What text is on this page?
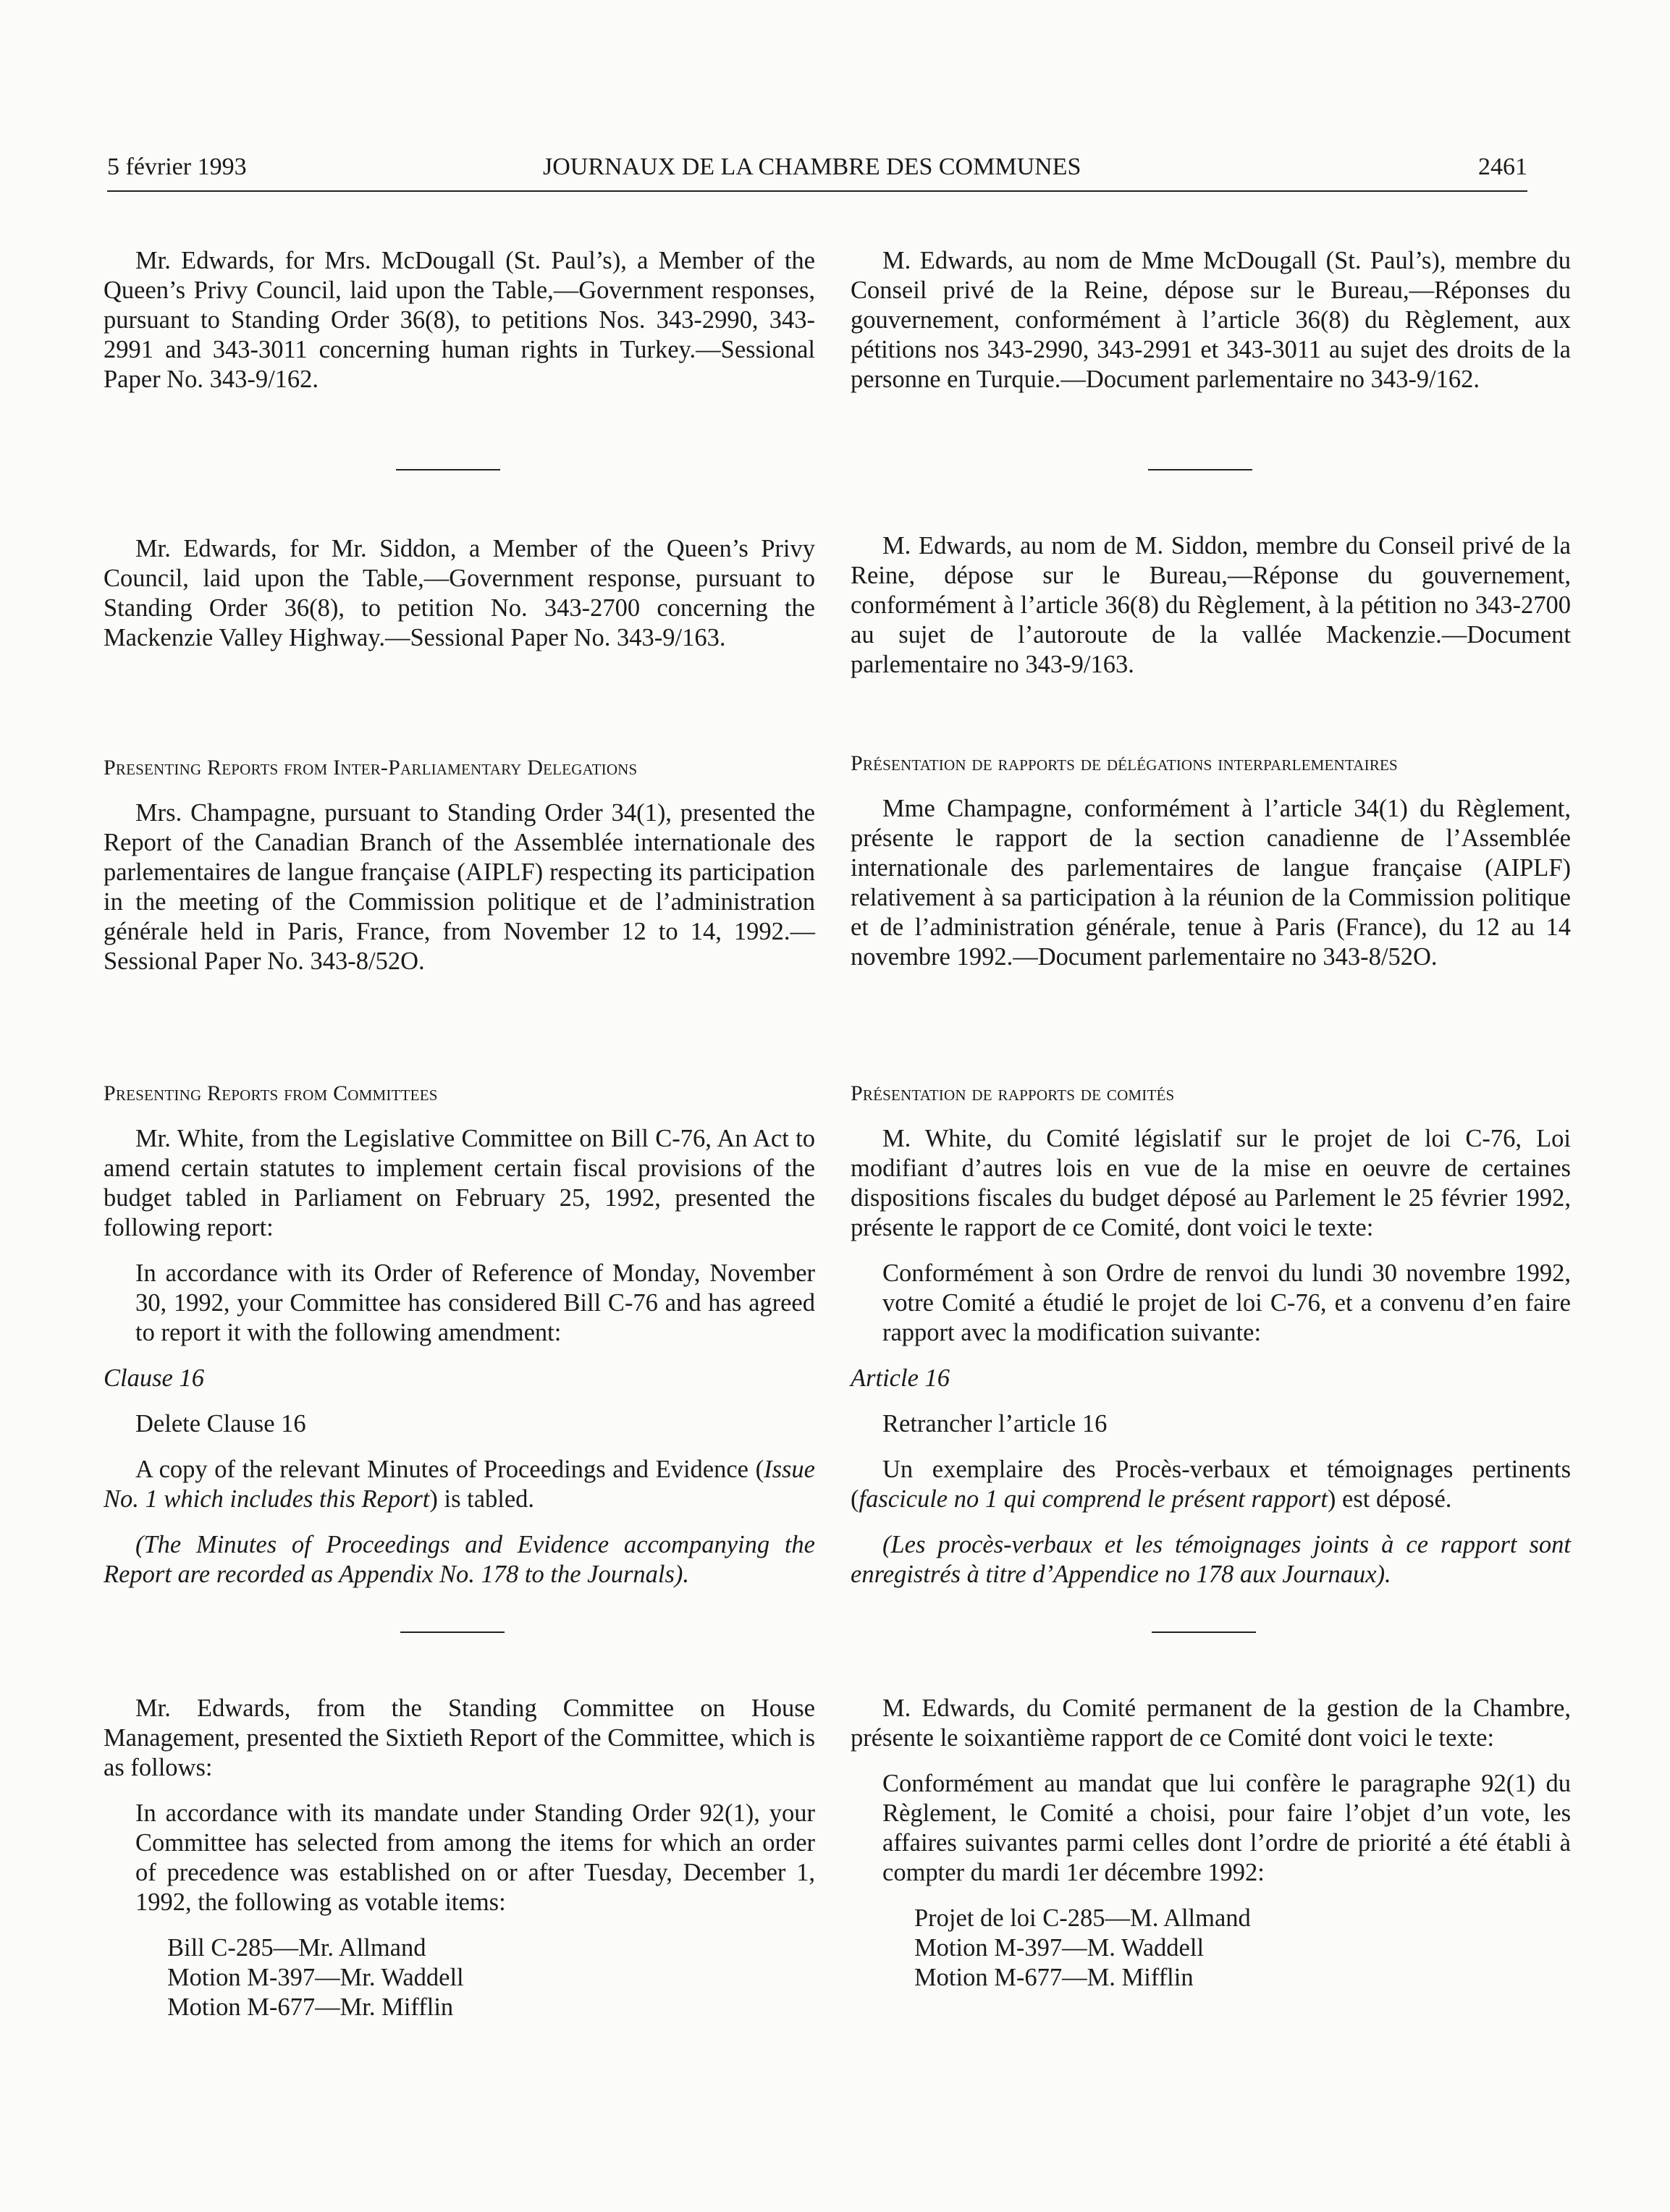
5 février 1993	JOURNAUX DE LA CHAMBRE DES COMMUNES	2461

Mr. Edwards, for Mrs. McDougall (St. Paul’s), a Member of the Queen’s Privy Council, laid upon the Table,—Government responses, pursuant to Standing Order 36(8), to petitions Nos. 343-2990, 343-2991 and 343-3011 concerning human rights in Turkey.—Sessional Paper No. 343-9/162.

Mr. Edwards, for Mr. Siddon, a Member of the Queen’s Privy Council, laid upon the Table,—Government response, pursuant to Standing Order 36(8), to petition No. 343-2700 concerning the Mackenzie Valley Highway.—Sessional Paper No. 343-9/163.

Presenting Reports from Inter-Parliamentary Delegations

Mrs. Champagne, pursuant to Standing Order 34(1), presented the Report of the Canadian Branch of the Assemblée internationale des parlementaires de langue française (AIPLF) respecting its participation in the meeting of the Commission politique et de l’administration générale held in Paris, France, from November 12 to 14, 1992.—Sessional Paper No. 343-8/52O.

Presenting Reports from Committees

Mr. White, from the Legislative Committee on Bill C-76, An Act to amend certain statutes to implement certain fiscal provisions of the budget tabled in Parliament on February 25, 1992, presented the following report:

In accordance with its Order of Reference of Monday, November 30, 1992, your Committee has considered Bill C-76 and has agreed to report it with the following amendment:

Clause 16

Delete Clause 16

A copy of the relevant Minutes of Proceedings and Evidence (Issue No. 1 which includes this Report) is tabled.

(The Minutes of Proceedings and Evidence accompanying the Report are recorded as Appendix No. 178 to the Journals).

Mr. Edwards, from the Standing Committee on House Management, presented the Sixtieth Report of the Committee, which is as follows:

In accordance with its mandate under Standing Order 92(1), your Committee has selected from among the items for which an order of precedence was established on or after Tuesday, December 1, 1992, the following as votable items:

Bill C-285—Mr. Allmand

Motion M-397—Mr. Waddell

Motion M-677—Mr. Mifflin

M. Edwards, au nom de Mme McDougall (St. Paul’s), membre du Conseil privé de la Reine, dépose sur le Bureau,—Réponses du gouvernement, conformément à l’article 36(8) du Règlement, aux pétitions nos 343-2990, 343-2991 et 343-3011 au sujet des droits de la personne en Turquie.—Document parlementaire no 343-9/162.

M. Edwards, au nom de M. Siddon, membre du Conseil privé de la Reine, dépose sur le Bureau,—Réponse du gouvernement, conformément à l’article 36(8) du Règlement, à la pétition no 343-2700 au sujet de l’autoroute de la vallée Mackenzie.—Document parlementaire no 343-9/163.

Présentation de rapports de délégations interparlementaires

Mme Champagne, conformément à l’article 34(1) du Règlement, présente le rapport de la section canadienne de l’Assemblée internationale des parlementaires de langue française (AIPLF) relativement à sa participation à la réunion de la Commission politique et de l’administration générale, tenue à Paris (France), du 12 au 14 novembre 1992.—Document parlementaire no 343-8/52O.

Présentation de rapports de comités

M. White, du Comité législatif sur le projet de loi C-76, Loi modifiant d’autres lois en vue de la mise en oeuvre de certaines dispositions fiscales du budget déposé au Parlement le 25 février 1992, présente le rapport de ce Comité, dont voici le texte:

Conformément à son Ordre de renvoi du lundi 30 novembre 1992, votre Comité a étudié le projet de loi C-76, et a convenu d’en faire rapport avec la modification suivante:

Article 16

Retrancher l’article 16

Un exemplaire des Procès-verbaux et témoignages pertinents (fascicule no 1 qui comprend le présent rapport) est déposé.

(Les procès-verbaux et les témoignages joints à ce rapport sont enregistrés à titre d’Appendice no 178 aux Journaux).

M. Edwards, du Comité permanent de la gestion de la Chambre, présente le soixantième rapport de ce Comité dont voici le texte:

Conformément au mandat que lui confère le paragraphe 92(1) du Règlement, le Comité a choisi, pour faire l’objet d’un vote, les affaires suivantes parmi celles dont l’ordre de priorité a été établi à compter du mardi 1er décembre 1992:

Projet de loi C-285—M. Allmand

Motion M-397—M. Waddell

Motion M-677—M. Mifflin
